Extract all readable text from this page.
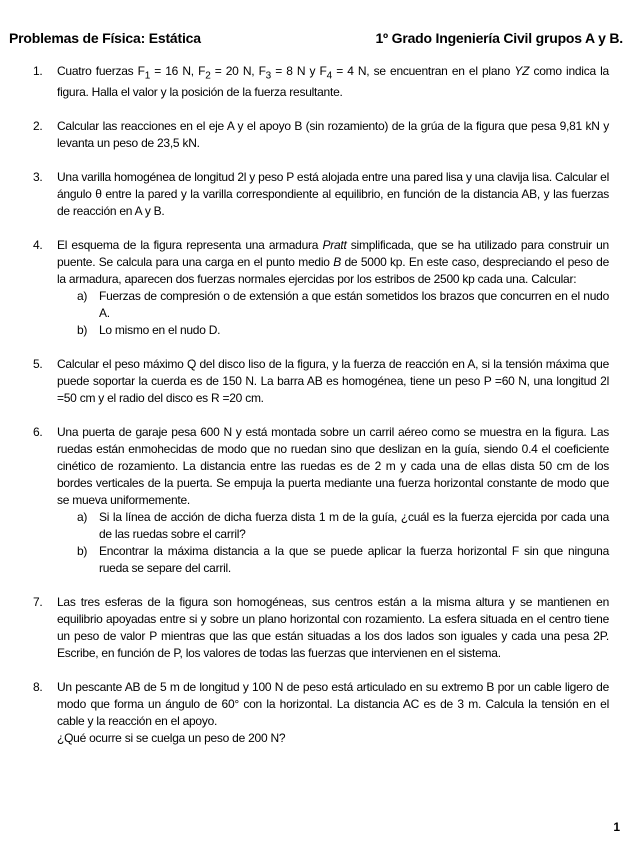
Problemas de Física: Estática	1º Grado Ingeniería Civil grupos A y B.
1. Cuatro fuerzas $F_1 = 16$ N, $F_2 = 20$ N, $F_3 = 8$ N y $F_4 = 4$ N, se encuentran en el plano YZ como indica la figura. Halla el valor y la posición de la fuerza resultante.
2. Calcular las reacciones en el eje A y el apoyo B (sin rozamiento) de la grúa de la figura que pesa 9,81 kN y levanta un peso de 23,5 kN.
3. Una varilla homogénea de longitud 2l y peso P está alojada entre una pared lisa y una clavija lisa. Calcular el ángulo θ entre la pared y la varilla correspondiente al equilibrio, en función de la distancia AB, y las fuerzas de reacción en A y B.
4. El esquema de la figura representa una armadura Pratt simplificada, que se ha utilizado para construir un puente. Se calcula para una carga en el punto medio B de 5000 kp. En este caso, despreciando el peso de la armadura, aparecen dos fuerzas normales ejercidas por los estribos de 2500 kp cada una. Calcular:
a) Fuerzas de compresión o de extensión a que están sometidos los brazos que concurren en el nudo A.
b) Lo mismo en el nudo D.
5. Calcular el peso máximo Q del disco liso de la figura, y la fuerza de reacción en A, si la tensión máxima que puede soportar la cuerda es de 150 N. La barra AB es homogénea, tiene un peso P =60 N, una longitud 2l =50 cm y el radio del disco es R =20 cm.
6. Una puerta de garaje pesa 600 N y está montada sobre un carril aéreo como se muestra en la figura. Las ruedas están enmohecidas de modo que no ruedan sino que deslizan en la guía, siendo 0.4 el coeficiente cinético de rozamiento. La distancia entre las ruedas es de 2 m y cada una de ellas dista 50 cm de los bordes verticales de la puerta. Se empuja la puerta mediante una fuerza horizontal constante de modo que se mueva uniformemente.
a) Si la línea de acción de dicha fuerza dista 1 m de la guía, ¿cuál es la fuerza ejercida por cada una de las ruedas sobre el carril?
b) Encontrar la máxima distancia a la que se puede aplicar la fuerza horizontal F sin que ninguna rueda se separe del carril.
7. Las tres esferas de la figura son homogéneas, sus centros están a la misma altura y se mantienen en equilibrio apoyadas entre si y sobre un plano horizontal con rozamiento. La esfera situada en el centro tiene un peso de valor P mientras que las que están situadas a los dos lados son iguales y cada una pesa 2P. Escribe, en función de P, los valores de todas las fuerzas que intervienen en el sistema.
8. Un pescante AB de 5 m de longitud y 100 N de peso está articulado en su extremo B por un cable ligero de modo que forma un ángulo de 60° con la horizontal. La distancia AC es de 3 m. Calcula la tensión en el cable y la reacción en el apoyo.
¿Qué ocurre si se cuelga un peso de 200 N?
1
